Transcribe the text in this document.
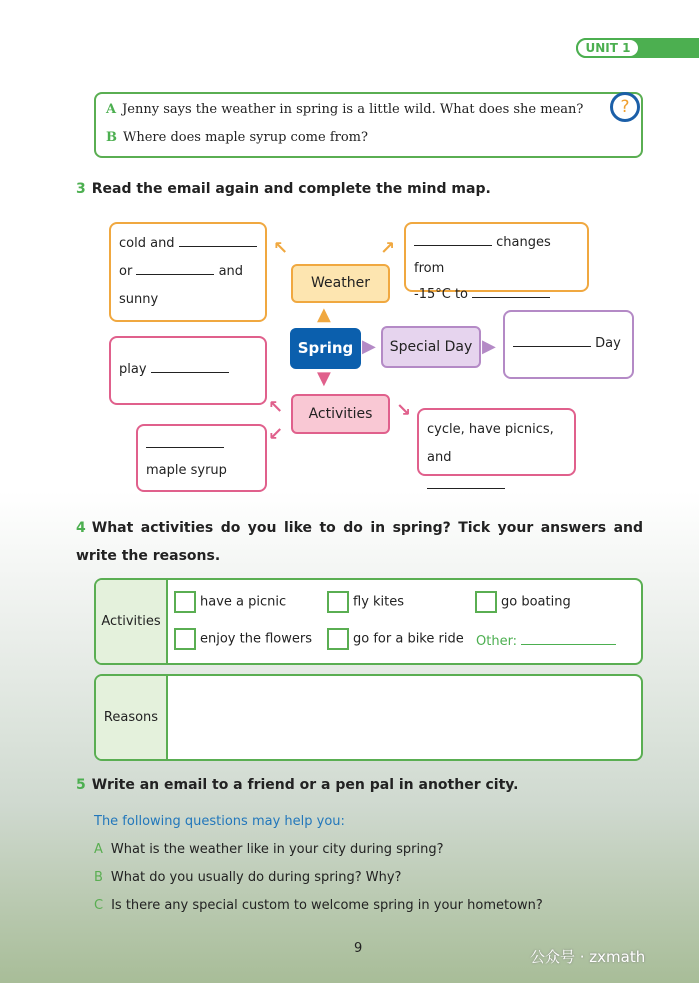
UNIT 1
A Jenny says the weather in spring is a little wild. What does she mean?
B Where does maple syrup come from?
?
3 Read the email again and complete the mind map.
cold and
or	and
sunny
changes from
-15°C to
Weather
↖	↗
▲
Spring ▶ Special Day ▶	Day
▼
Activities
play
↖
↙
↘
maple syrup
cycle, have picnics, and
4 What activities do you like to do in spring? Tick your answers and write the reasons.
Activities
have a picnic	fly kites	go boating
enjoy the flowers	go for a bike ride Other:
Reasons
5 Write an email to a friend or a pen pal in another city.
The following questions may help you:
A What is the weather like in your city during spring?
B What do you usually do during spring? Why?
C Is there any special custom to welcome spring in your hometown?
9	公众号 · zxmath
